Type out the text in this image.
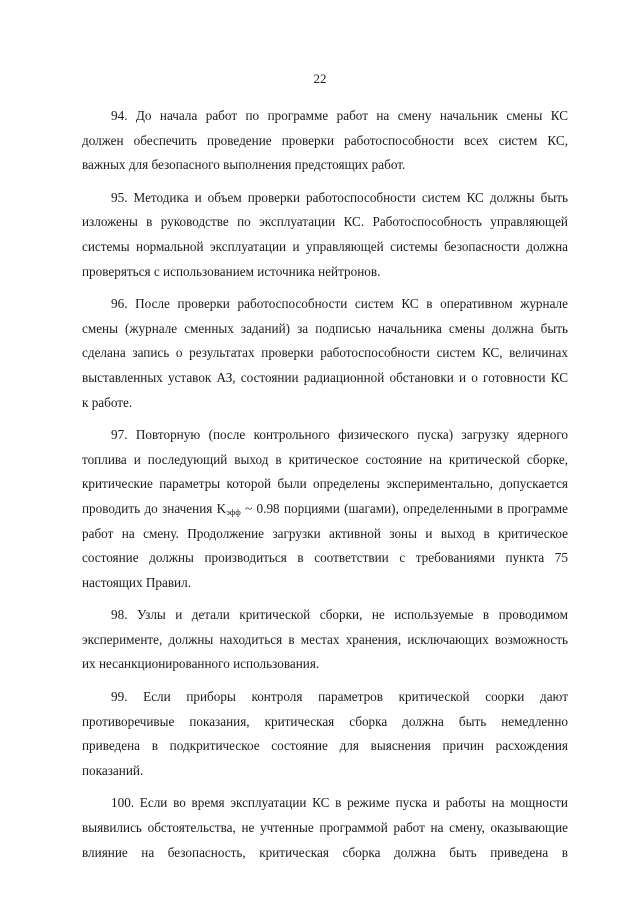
22

94. До начала работ по программе работ на смену начальник смены КС
должен обеспечить проведение проверки работоспособности всех систем КС,
важных для безопасного выполнения предстоящих работ.

95. Методика и объем проверки работоспособности систем КС должны быть
изложены в руководстве по эксплуатации КС. Работоспособность управляющей
системы нормальной эксплуатации и управляющей системы безопасности должна
проверяться с использованием источника нейтронов.

96. После проверки работоспособности систем КС в оперативном журнале
смены (журнале сменных заданий) за подписью начальника смены должна быть
сделана запись о результатах проверки работоспособности систем КС, величинах
выставленных уставок АЗ, состоянии радиационной обстановки и о готовности КС
к работе.

97. Повторную (после контрольного физического пуска) загрузку ядерного
топлива и последующий выход в критическое состояние на критической сборке,
критические параметры которой были определены экспериментально, допускается
проводить до значения $K_{эфф}$ ~ 0.98 порциями (шагами), определенными в программе
работ на смену. Продолжение загрузки активной зоны и выход в критическое
состояние должны производиться в соответствии с требованиями пункта 75
настоящих Правил.

98. Узлы и детали критической сборки, не используемые в проводимом
эксперименте, должны находиться в местах хранения, исключающих возможность
их несанкционированного использования.

99. Если приборы контроля параметров критической соорки дают
противоречивые показания, критическая сборка должна быть немедленно
приведена в подкритическое состояние для выяснения причин расхождения
показаний.

100. Если во время эксплуатации КС в режиме пуска и работы на мощности
выявились обстоятельства, не учтенные программой работ на смену, оказывающие
влияние на безопасность, критическая сборка должна быть приведена в
